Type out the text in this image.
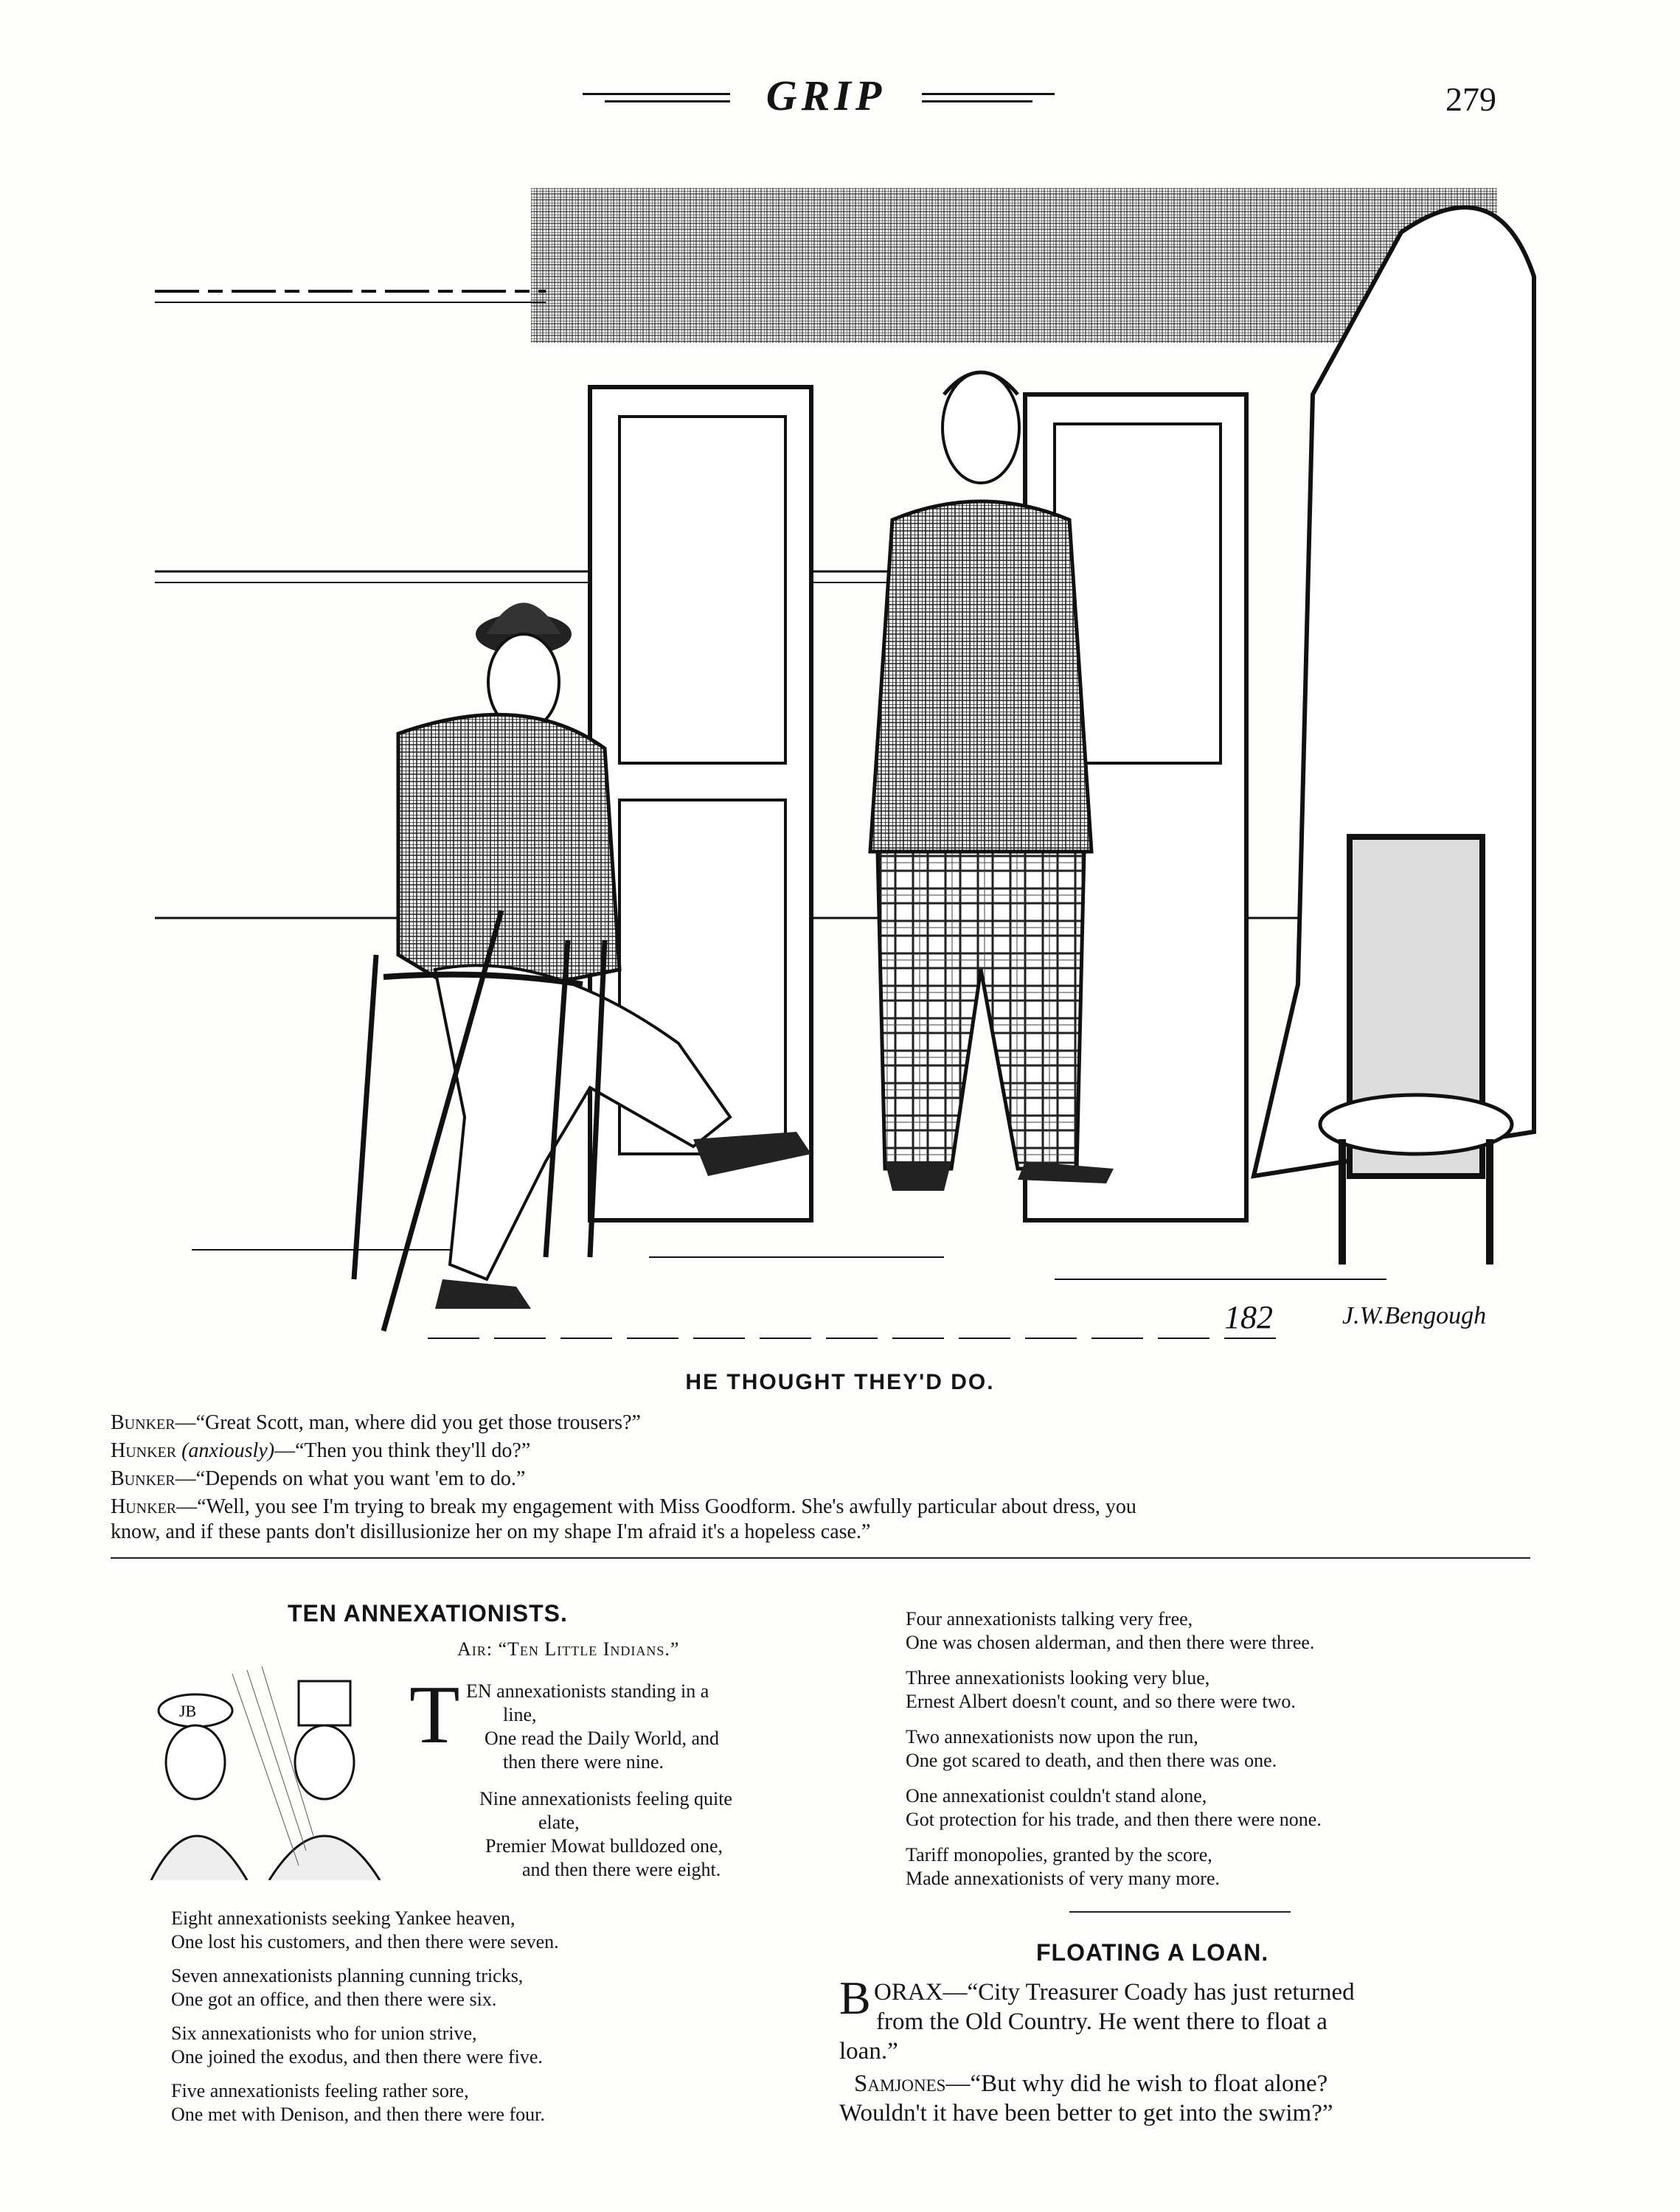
GRIP	279
J.W.Bengough
182
HE THOUGHT THEY'D DO.
Bunker—“Great Scott, man, where did you get those trousers?”
Hunker (anxiously)—“Then you think they'll do?”
Bunker—“Depends on what you want 'em to do.”
Hunker—“Well, you see I'm trying to break my engagement with Miss Goodform. She's awfully particular about dress, you
know, and if these pants don't disillusionize her on my shape I'm afraid it's a hopeless case.”
TEN ANNEXATIONISTS.
Air: “Ten Little Indians.”
JB	T EN annexationists standing in a
line,
One read the Daily World, and
then there were nine.
Nine annexationists feeling quite
elate,
Premier Mowat bulldozed one,
and then there were eight.
Eight annexationists seeking Yankee heaven,
One lost his customers, and then there were seven.
Seven annexationists planning cunning tricks,
One got an office, and then there were six.
Six annexationists who for union strive,
One joined the exodus, and then there were five.
Five annexationists feeling rather sore,
One met with Denison, and then there were four.
Four annexationists talking very free,
One was chosen alderman, and then there were three.
Three annexationists looking very blue,
Ernest Albert doesn't count, and so there were two.
Two annexationists now upon the run,
One got scared to death, and then there was one.
One annexationist couldn't stand alone,
Got protection for his trade, and then there were none.
Tariff monopolies, granted by the score,
Made annexationists of very many more.
FLOATING A LOAN.
B ORAX—“City Treasurer Coady has just returned
from the Old Country. He went there to float a
loan.”
Samjones—“But why did he wish to float alone?
Wouldn't it have been better to get into the swim?”
